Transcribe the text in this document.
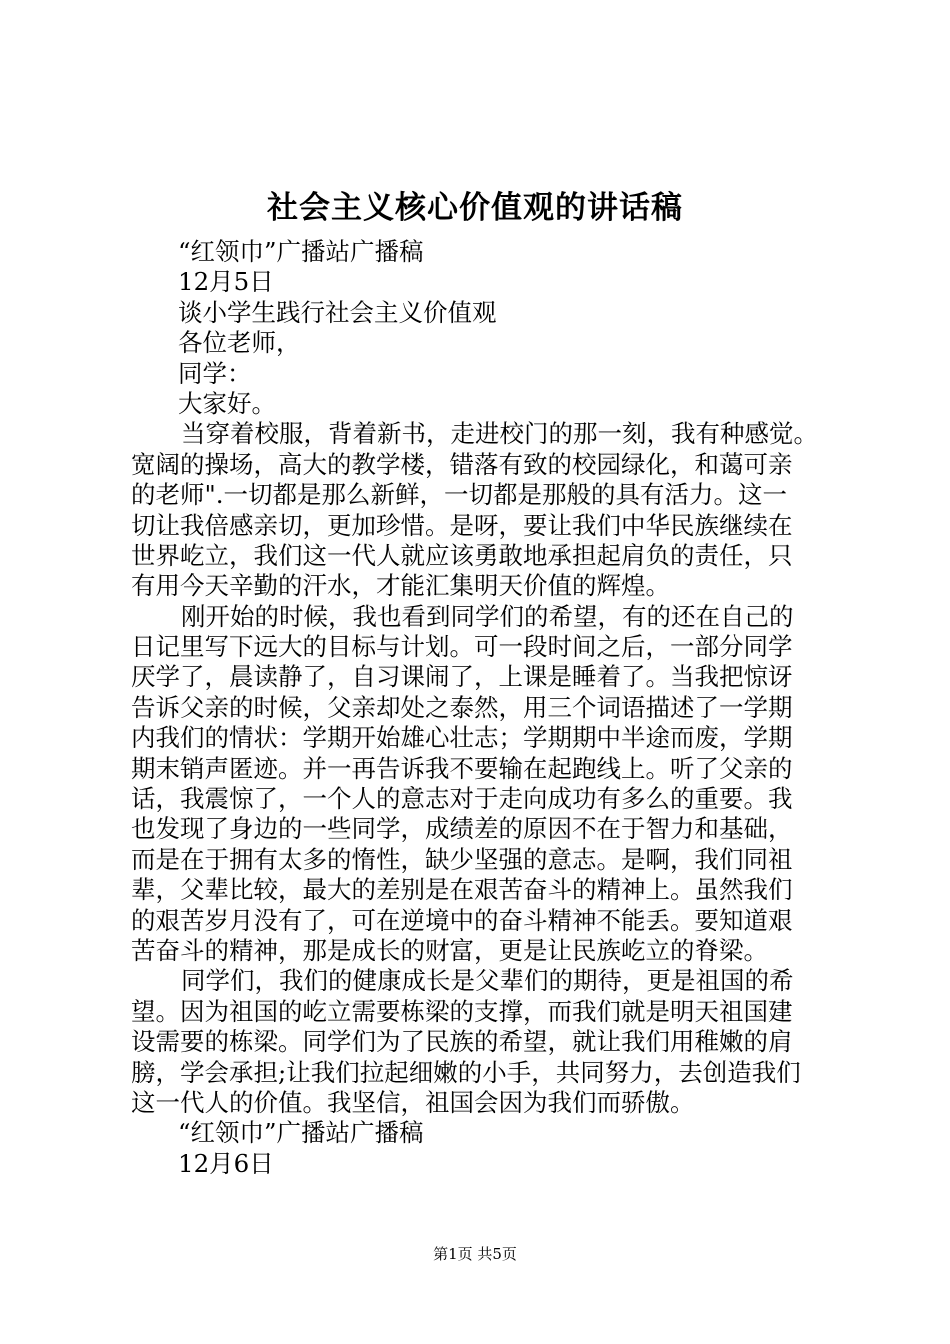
社会主义核心价值观的讲话稿
“红领巾”广播站广播稿
12月5日
谈小学生践行社会主义价值观
各位老师，
同学：
大家好。
当穿着校服，背着新书，走进校门的那一刻，我有种感觉。
宽阔的操场，高大的教学楼，错落有致的校园绿化，和蔼可亲
的老师".一切都是那么新鲜，一切都是那般的具有活力。这一
切让我倍感亲切，更加珍惜。是呀，要让我们中华民族继续在
世界屹立，我们这一代人就应该勇敢地承担起肩负的责任，只
有用今天辛勤的汗水，才能汇集明天价值的辉煌。
刚开始的时候，我也看到同学们的希望，有的还在自己的
日记里写下远大的目标与计划。可一段时间之后，一部分同学
厌学了，晨读静了，自习课闹了，上课是睡着了。当我把惊讶
告诉父亲的时候，父亲却处之泰然，用三个词语描述了一学期
内我们的情状：学期开始雄心壮志；学期期中半途而废，学期
期末销声匿迹。并一再告诉我不要输在起跑线上。听了父亲的
话，我震惊了，一个人的意志对于走向成功有多么的重要。我
也发现了身边的一些同学，成绩差的原因不在于智力和基础，
而是在于拥有太多的惰性，缺少坚强的意志。是啊，我们同祖
辈，父辈比较，最大的差别是在艰苦奋斗的精神上。虽然我们
的艰苦岁月没有了，可在逆境中的奋斗精神不能丢。要知道艰
苦奋斗的精神，那是成长的财富，更是让民族屹立的脊梁。
同学们，我们的健康成长是父辈们的期待，更是祖国的希
望。因为祖国的屹立需要栋梁的支撑，而我们就是明天祖国建
设需要的栋梁。同学们为了民族的希望，就让我们用稚嫩的肩
膀，学会承担;让我们拉起细嫩的小手，共同努力，去创造我们
这一代人的价值。我坚信，祖国会因为我们而骄傲。
“红领巾”广播站广播稿
12月6日
第1页 共5页
